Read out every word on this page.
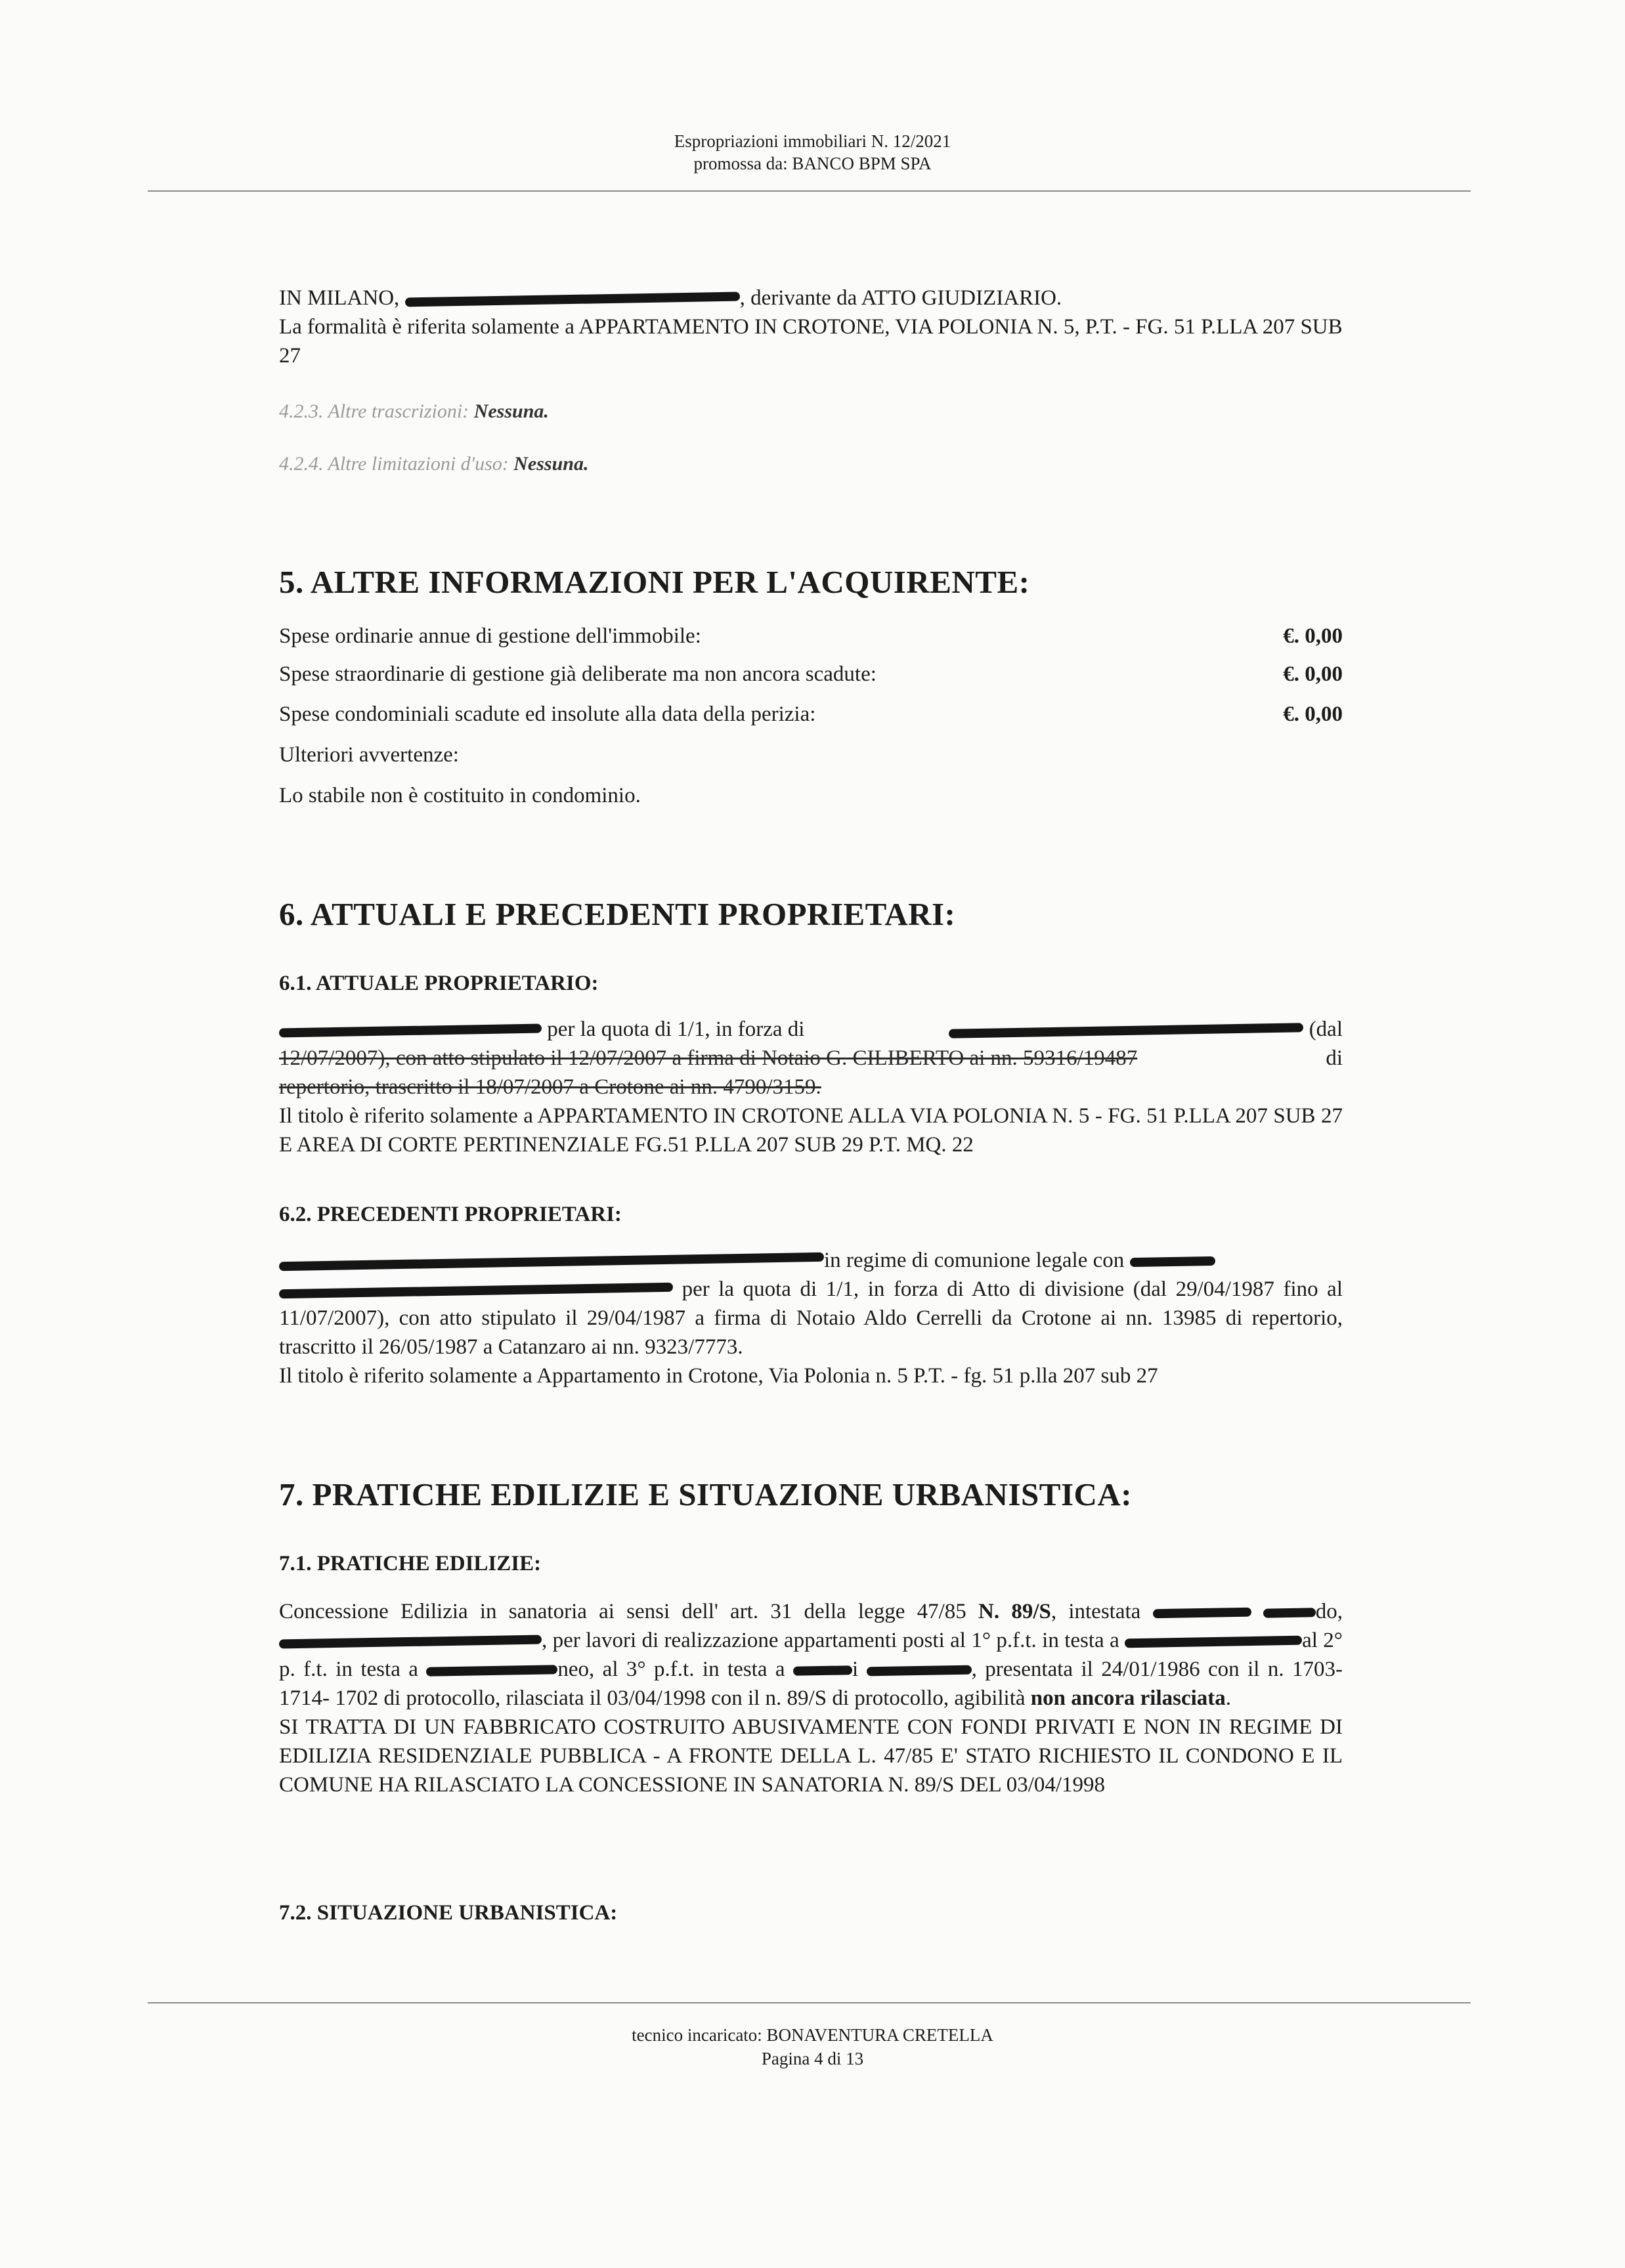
Espropriazioni immobiliari N. 12/2021
promossa da: BANCO BPM SPA
IN MILANO,	, derivante da ATTO GIUDIZIARIO.
La formalità è riferita solamente a APPARTAMENTO IN CROTONE, VIA POLONIA N. 5, P.T. - FG. 51 P.LLA 207 SUB 27
4.2.3. Altre trascrizioni: Nessuna.
4.2.4. Altre limitazioni d'uso: Nessuna.
5. ALTRE INFORMAZIONI PER L'ACQUIRENTE:
Spese ordinarie annue di gestione dell'immobile:	€. 0,00
Spese straordinarie di gestione già deliberate ma non ancora scadute:	€. 0,00
Spese condominiali scadute ed insolute alla data della perizia:	€. 0,00
Ulteriori avvertenze:
Lo stabile non è costituito in condominio.
6. ATTUALI E PRECEDENTI PROPRIETARI:
6.1. ATTUALE PROPRIETARIO:
per la quota di 1/1, in forza di	(dal
12/07/2007), con atto stipulato il 12/07/2007 a firma di Notaio G. CILIBERTO ai nn. 59316/19487	di
repertorio, trascritto il 18/07/2007 a Crotone ai nn. 4790/3159.
Il titolo è riferito solamente a APPARTAMENTO IN CROTONE ALLA VIA POLONIA N. 5 - FG. 51 P.LLA 207 SUB 27 E AREA DI CORTE PERTINENZIALE FG.51 P.LLA 207 SUB 29 P.T. MQ. 22
6.2. PRECEDENTI PROPRIETARI:
in regime di comunione legale con
per la quota di 1/1, in forza di Atto di divisione (dal 29/04/1987 fino al 11/07/2007), con atto stipulato il 29/04/1987 a firma di Notaio Aldo Cerrelli da Crotone ai nn. 13985 di repertorio, trascritto il 26/05/1987 a Catanzaro ai nn. 9323/7773.
Il titolo è riferito solamente a Appartamento in Crotone, Via Polonia n. 5 P.T. - fg. 51 p.lla 207 sub 27
7. PRATICHE EDILIZIE E SITUAZIONE URBANISTICA:
7.1. PRATICHE EDILIZIE:
Concessione Edilizia in sanatoria ai sensi dell' art. 31 della legge 47/85 N. 89/S, intestata	do,, per lavori di realizzazione appartamenti posti al 1° p.f.t. in testa a	al 2° p. f.t. in testa a	neo, al 3° p.f.t. in testa a	i	, presentata il 24/01/1986 con il n. 1703- 1714- 1702 di protocollo, rilasciata il 03/04/1998 con il n. 89/S di protocollo, agibilità non ancora rilasciata.
SI TRATTA DI UN FABBRICATO COSTRUITO ABUSIVAMENTE CON FONDI PRIVATI E NON IN REGIME DI EDILIZIA RESIDENZIALE PUBBLICA - A FRONTE DELLA L. 47/85 E' STATO RICHIESTO IL CONDONO E IL COMUNE HA RILASCIATO LA CONCESSIONE IN SANATORIA N. 89/S DEL 03/04/1998
7.2. SITUAZIONE URBANISTICA:
tecnico incaricato: BONAVENTURA CRETELLA
Pagina 4 di 13
